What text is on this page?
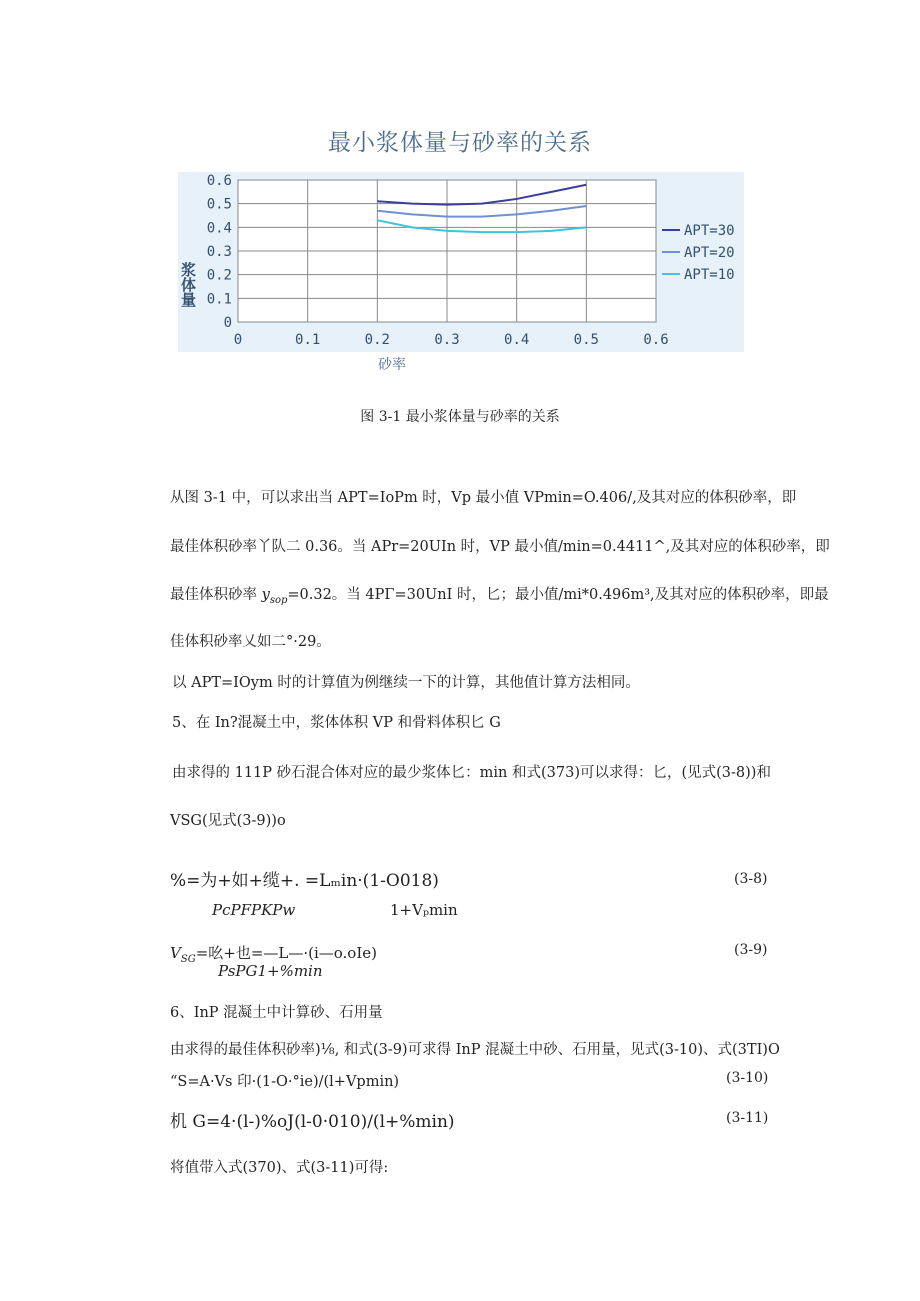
最小浆体量与砂率的关系
0
0.1
0.2
0.3
0.4
0.5
0.6
0	0.1	0.2	0.3	0.4	0.5	0.6
APT=30
APT=20
APT=10
浆体量
砂率
图 3-1 最小浆体量与砂率的关系
从图 3-1 中，可以求出当 APT=IoPm 时，Vp 最小值 VPmin=O.406/,及其对应的体积砂率，即
最佳体积砂率丫队二 0.36。当 APr=20UIn 时，VP 最小值/min=0.4411^,及其对应的体积砂率，即
最佳体积砂率 $y_{sop}=0.32$。当 4PΓ=30UnI 时，匕；最小值/mi*0.496m³,及其对应的体积砂率，即最
佳体积砂率乂如二°·29。
以 APT=IOym 时的计算值为例继续一下的计算，其他值计算方法相同。
5、在 In?混凝土中，浆体体积 VP 和骨料体积匕 G
由求得的 111P 砂石混合体对应的最少浆体匕：min 和式(373)可以求得：匕，(见式(3-8))和
VSG(见式(3-9))o
%=为+如+缆+. =Lₘin·(1-O018)
PcPFPKPw	1+Vₚmin
(3-8)
$V_{SG}=$吆+也=—L—·(i—o.oIe)
PsPG1+%min
(3-9)
6、InP 混凝土中计算砂、石用量
由求得的最佳体积砂率)⅛, 和式(3-9)可求得 InP 混凝土中砂、石用量，见式(3-10)、式(3TI)O
“S=A·Vs 印·(1-O·°ie)/(l+Vpmin)	(3-10)
机 G=4·(l-)%oJ(l-0·010)/(l+%min)	(3-11)
将值带入式(370)、式(3-11)可得:
